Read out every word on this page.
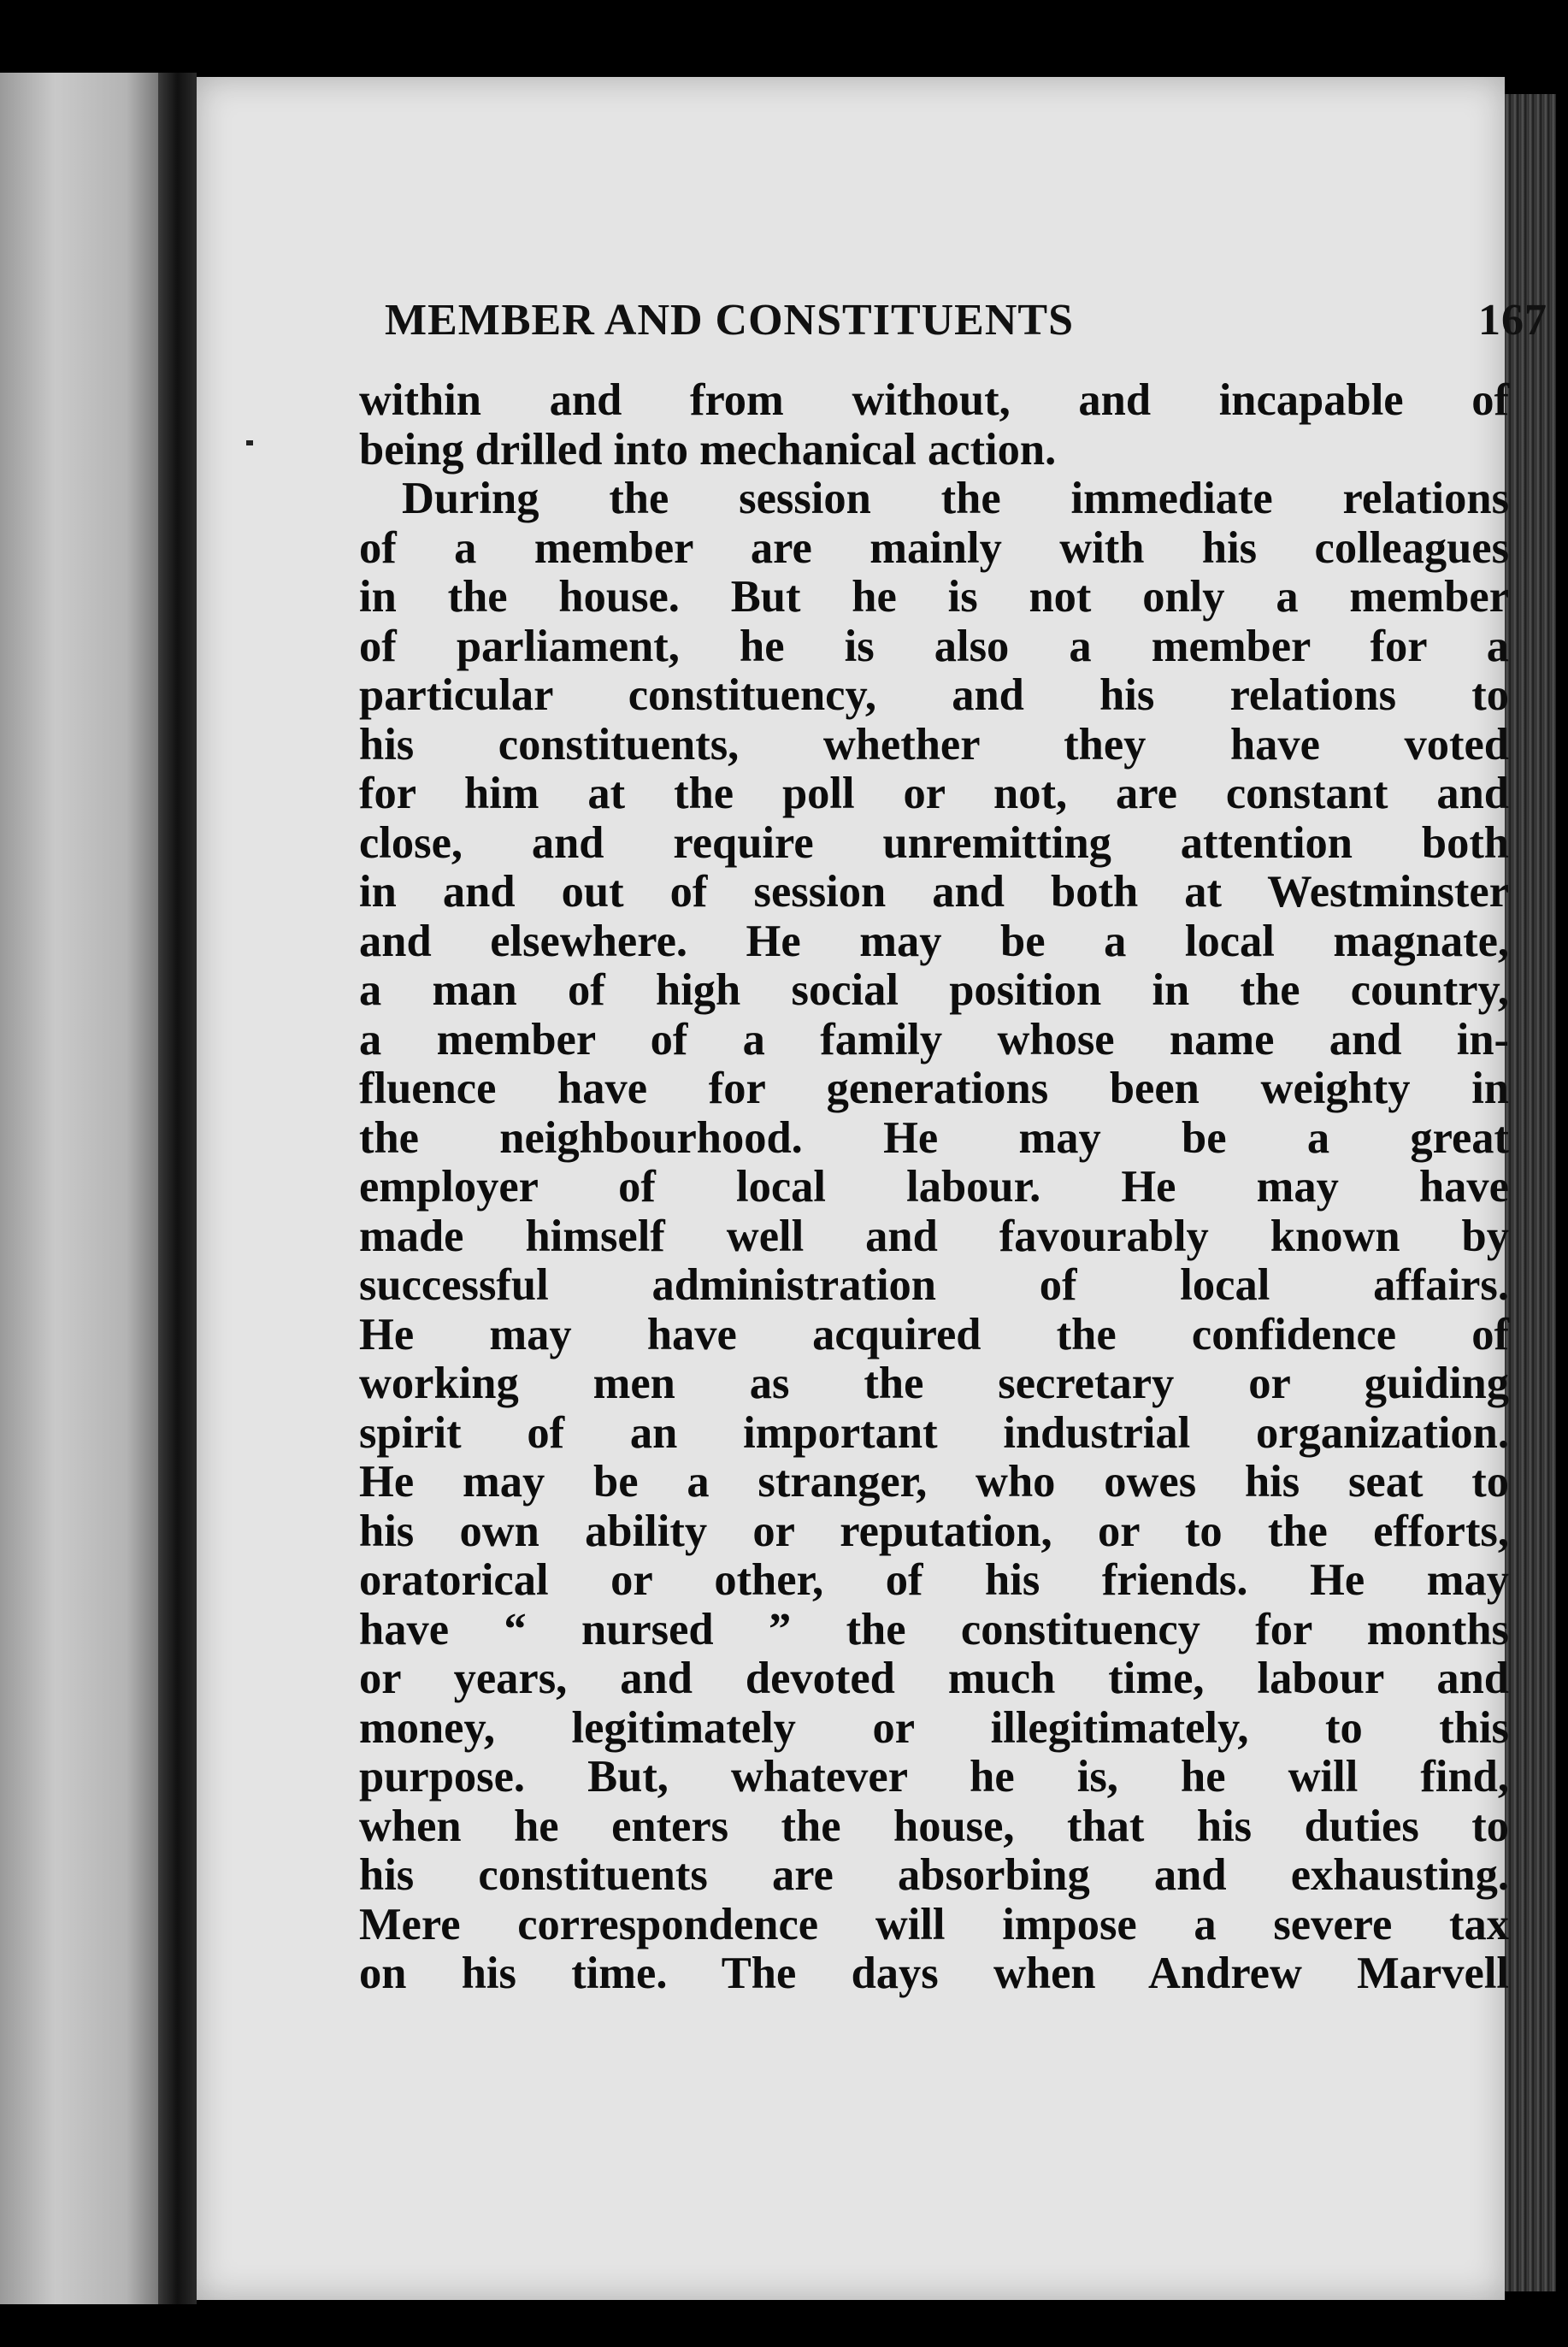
MEMBER AND CONSTITUENTS	167
within and from without, and incapable of
being drilled into mechanical action.
During the session the immediate relations
of a member are mainly with his colleagues
in the house. But he is not only a member
of parliament, he is also a member for a
particular constituency, and his relations to
his constituents, whether they have voted
for him at the poll or not, are constant and
close, and require unremitting attention both
in and out of session and both at Westminster
and elsewhere. He may be a local magnate,
a man of high social position in the country,
a member of a family whose name and in-
fluence have for generations been weighty in
the neighbourhood. He may be a great
employer of local labour. He may have
made himself well and favourably known by
successful administration of local affairs.
He may have acquired the confidence of
working men as the secretary or guiding
spirit of an important industrial organization.
He may be a stranger, who owes his seat to
his own ability or reputation, or to the efforts,
oratorical or other, of his friends. He may
have “ nursed ” the constituency for months
or years, and devoted much time, labour and
money, legitimately or illegitimately, to this
purpose. But, whatever he is, he will find,
when he enters the house, that his duties to
his constituents are absorbing and exhausting.
Mere correspondence will impose a severe tax
on his time. The days when Andrew Marvell
